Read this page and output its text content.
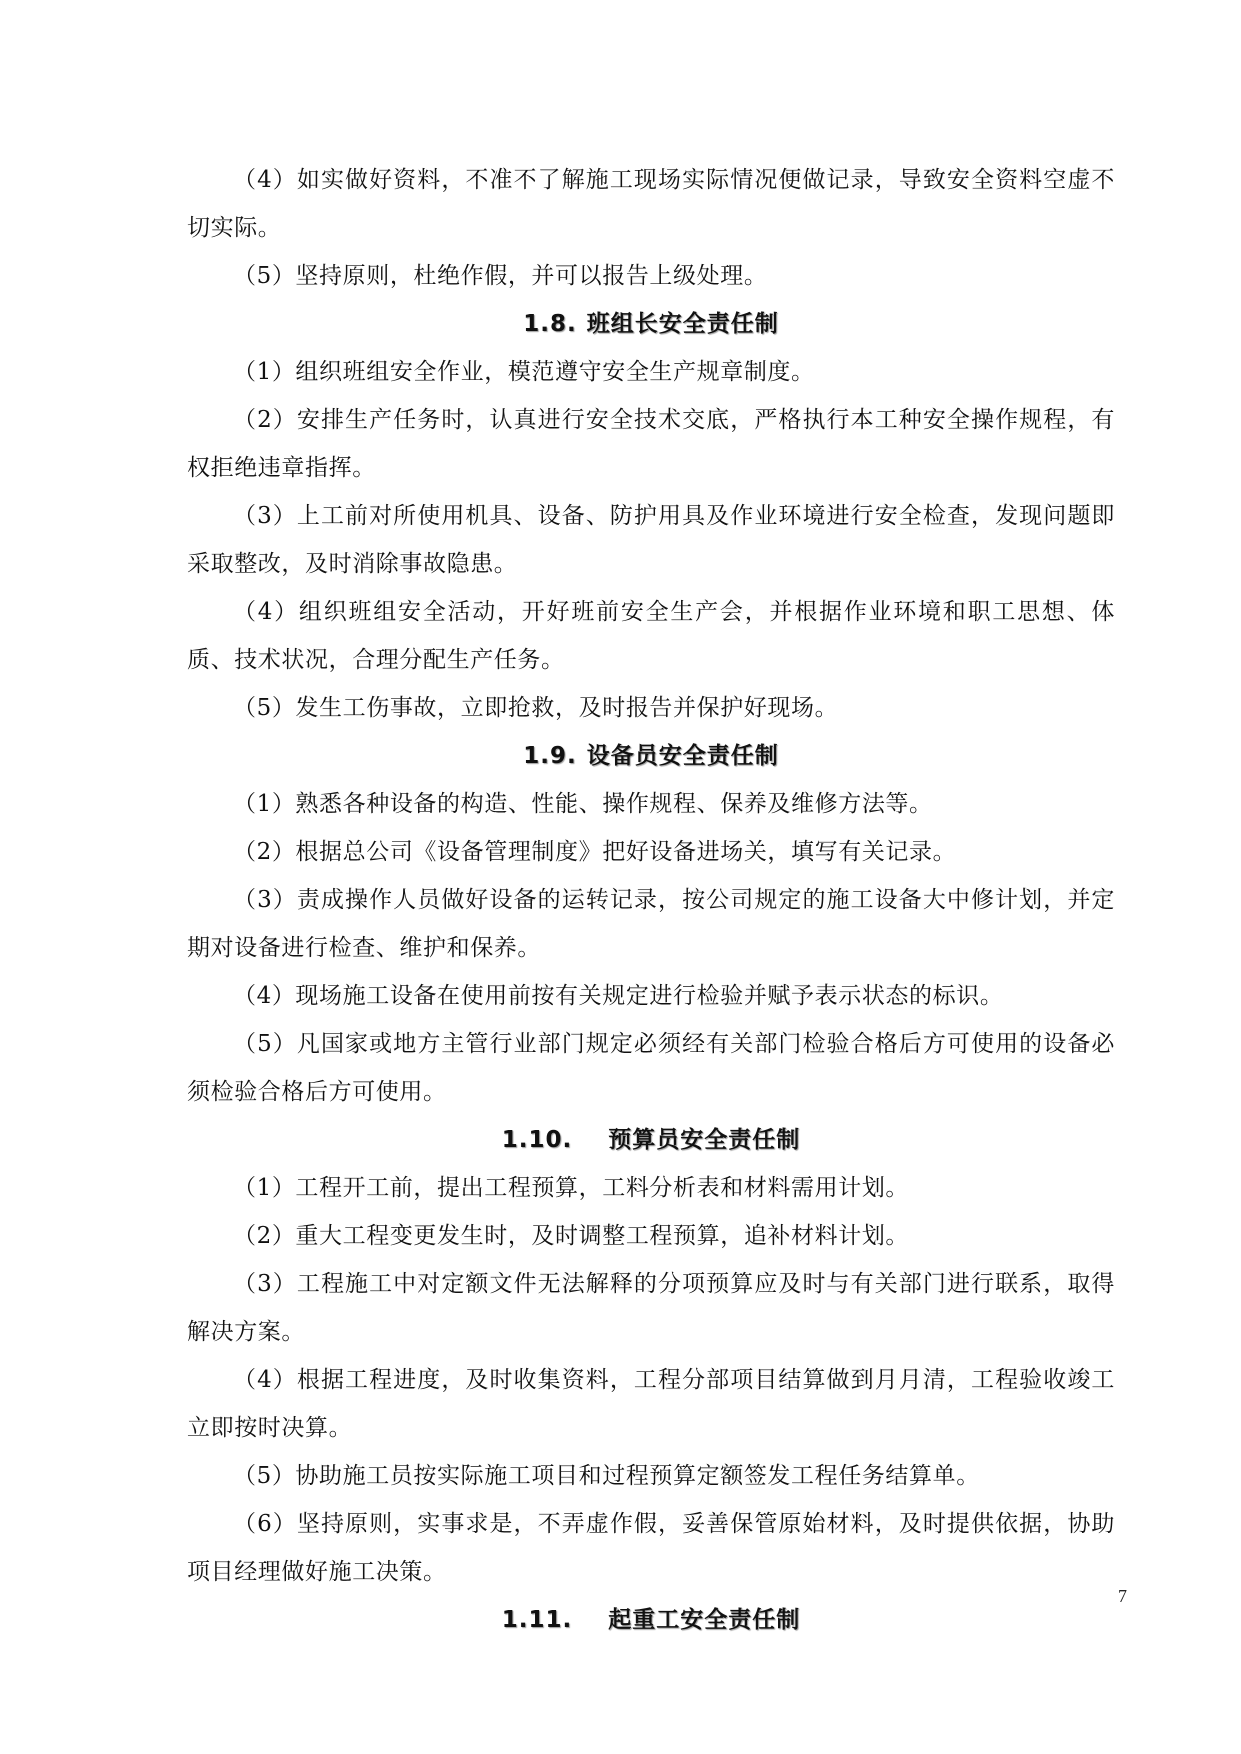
（4）如实做好资料，不准不了解施工现场实际情况便做记录，导致安全资料空虚不切实际。

（5）坚持原则，杜绝作假，并可以报告上级处理。

1.8. 班组长安全责任制

（1）组织班组安全作业，模范遵守安全生产规章制度。

（2）安排生产任务时，认真进行安全技术交底，严格执行本工种安全操作规程，有权拒绝违章指挥。

（3）上工前对所使用机具、设备、防护用具及作业环境进行安全检查，发现问题即采取整改，及时消除事故隐患。

（4）组织班组安全活动，开好班前安全生产会，并根据作业环境和职工思想、体质、技术状况，合理分配生产任务。

（5）发生工伤事故，立即抢救，及时报告并保护好现场。

1.9. 设备员安全责任制

（1）熟悉各种设备的构造、性能、操作规程、保养及维修方法等。

（2）根据总公司《设备管理制度》把好设备进场关，填写有关记录。

（3）责成操作人员做好设备的运转记录，按公司规定的施工设备大中修计划，并定期对设备进行检查、维护和保养。

（4）现场施工设备在使用前按有关规定进行检验并赋予表示状态的标识。

（5）凡国家或地方主管行业部门规定必须经有关部门检验合格后方可使用的设备必须检验合格后方可使用。

1.10. 预算员安全责任制

（1）工程开工前，提出工程预算，工料分析表和材料需用计划。

（2）重大工程变更发生时，及时调整工程预算，追补材料计划。

（3）工程施工中对定额文件无法解释的分项预算应及时与有关部门进行联系，取得解决方案。

（4）根据工程进度，及时收集资料，工程分部项目结算做到月月清，工程验收竣工立即按时决算。

（5）协助施工员按实际施工项目和过程预算定额签发工程任务结算单。

（6）坚持原则，实事求是，不弄虚作假，妥善保管原始材料，及时提供依据，协助项目经理做好施工决策。

1.11. 起重工安全责任制
7
